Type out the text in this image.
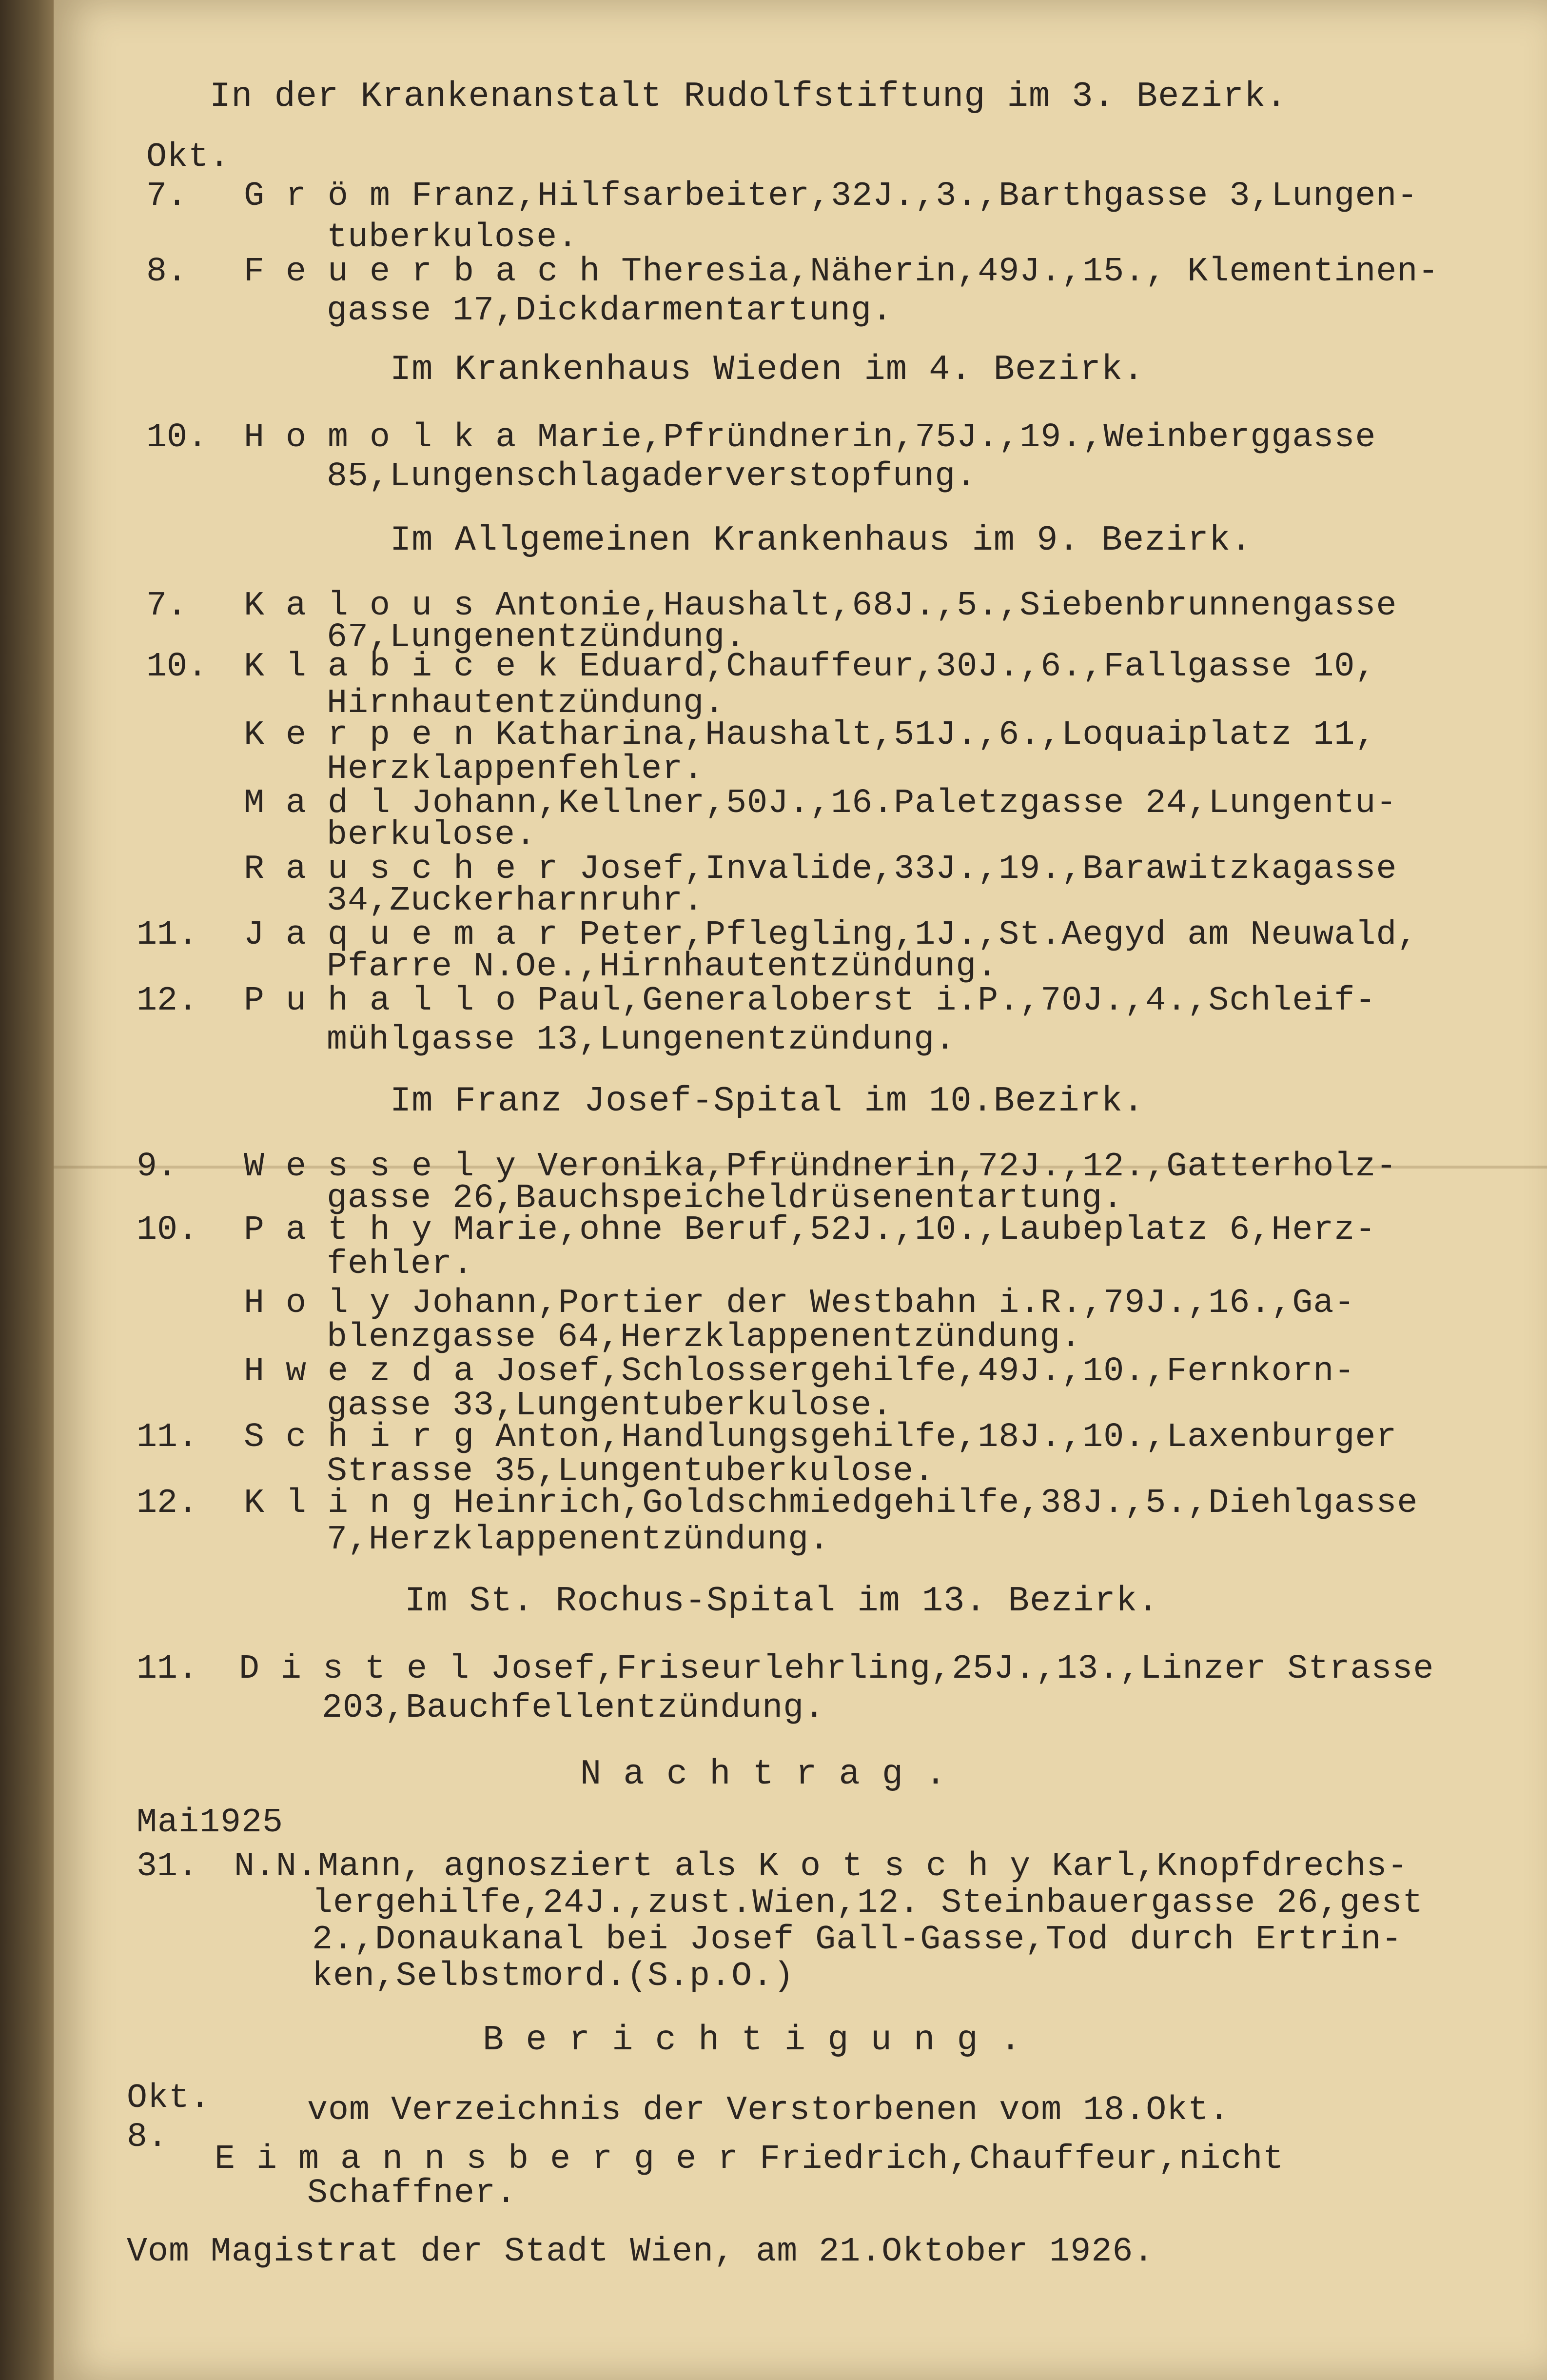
In der Krankenanstalt Rudolfstiftung im 3. Bezirk.
Okt.
7. G r ö m Franz,Hilfsarbeiter,32J.,3.,Barthgasse 3,Lungen-
tuberkulose.
8. F e u e r b a c h Theresia,Näherin,49J.,15., Klementinen-
gasse 17,Dickdarmentartung.
Im Krankenhaus Wieden im 4. Bezirk.
10. H o m o l k a Marie,Pfründnerin,75J.,19.,Weinberggasse
85,Lungenschlagaderverstopfung.
Im Allgemeinen Krankenhaus im 9. Bezirk.
7. K a l o u s Antonie,Haushalt,68J.,5.,Siebenbrunnengasse
67,Lungenentzündung.
10. K l a b i c e k Eduard,Chauffeur,30J.,6.,Fallgasse 10,
Hirnhautentzündung.
K e r p e n Katharina,Haushalt,51J.,6.,Loquaiplatz 11,
Herzklappenfehler.
M a d l Johann,Kellner,50J.,16.Paletzgasse 24,Lungentu-
berkulose.
R a u s c h e r Josef,Invalide,33J.,19.,Barawitzkagasse
34,Zuckerharnruhr.
11. J a q u e m a r Peter,Pflegling,1J.,St.Aegyd am Neuwald,
Pfarre N.Oe.,Hirnhautentzündung.
12. P u h a l l o Paul,Generaloberst i.P.,70J.,4.,Schleif-
mühlgasse 13,Lungenentzündung.
Im Franz Josef-Spital im 10.Bezirk.
9. W e s s e l y Veronika,Pfründnerin,72J.,12.,Gatterholz-
gasse 26,Bauchspeicheldrüsenentartung.
10. P a t h y Marie,ohne Beruf,52J.,10.,Laubeplatz 6,Herz-
fehler.
H o l y Johann,Portier der Westbahn i.R.,79J.,16.,Ga-
blenzgasse 64,Herzklappenentzündung.
H w e z d a Josef,Schlossergehilfe,49J.,10.,Fernkorn-
gasse 33,Lungentuberkulose.
11. S c h i r g Anton,Handlungsgehilfe,18J.,10.,Laxenburger
Strasse 35,Lungentuberkulose.
12. K l i n g Heinrich,Goldschmiedgehilfe,38J.,5.,Diehlgasse
7,Herzklappenentzündung.
Im St. Rochus-Spital im 13. Bezirk.
11. D i s t e l Josef,Friseurlehrling,25J.,13.,Linzer Strasse
203,Bauchfellentzündung.
N a c h t r a g .
Mai1925
31. N.N.Mann, agnosziert als K o t s c h y Karl,Knopfdrechs-
lergehilfe,24J.,zust.Wien,12. Steinbauergasse 26,gest
2.,Donaukanal bei Josef Gall-Gasse,Tod durch Ertrin-
ken,Selbstmord.(S.p.O.)
B e r i c h t i g u n g .
Okt.
8.
vom Verzeichnis der Verstorbenen vom 18.Okt.
E i m a n n s b e r g e r Friedrich,Chauffeur,nicht
Schaffner.
Vom Magistrat der Stadt Wien, am 21.Oktober 1926.
